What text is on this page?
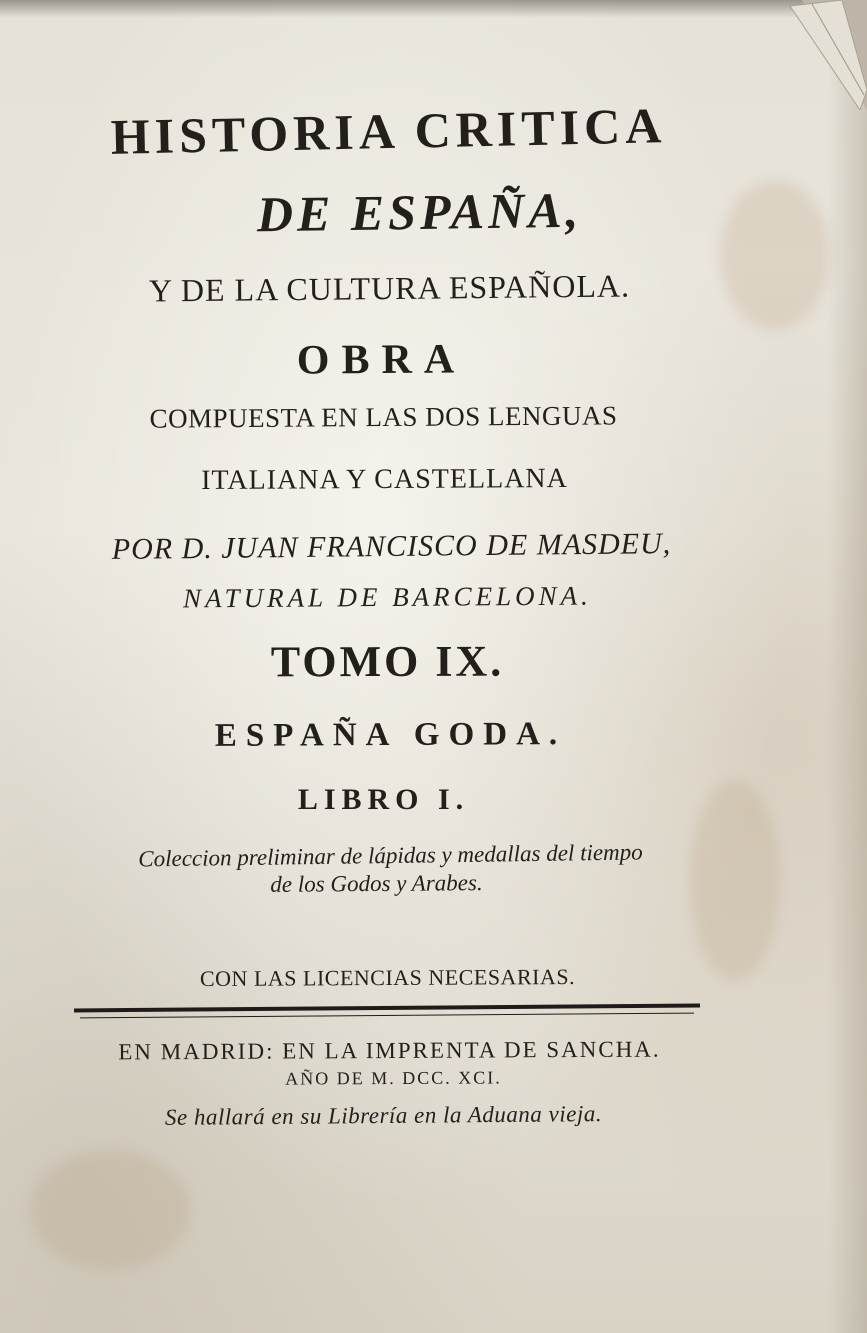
HISTORIA CRITICA
DE ESPAÑA,
Y DE LA CULTURA ESPAÑOLA.
OBRA
COMPUESTA EN LAS DOS LENGUAS
ITALIANA Y CASTELLANA
POR D. JUAN FRANCISCO DE MASDEU,
NATURAL DE BARCELONA.
TOMO IX.
ESPAÑA GODA.
LIBRO I.
Coleccion preliminar de lápidas y medallas del tiempo
de los Godos y Arabes.
CON LAS LICENCIAS NECESARIAS.
EN MADRID: EN LA IMPRENTA DE SANCHA.
AÑO DE M. DCC. XCI.
Se hallará en su Librería en la Aduana vieja.
